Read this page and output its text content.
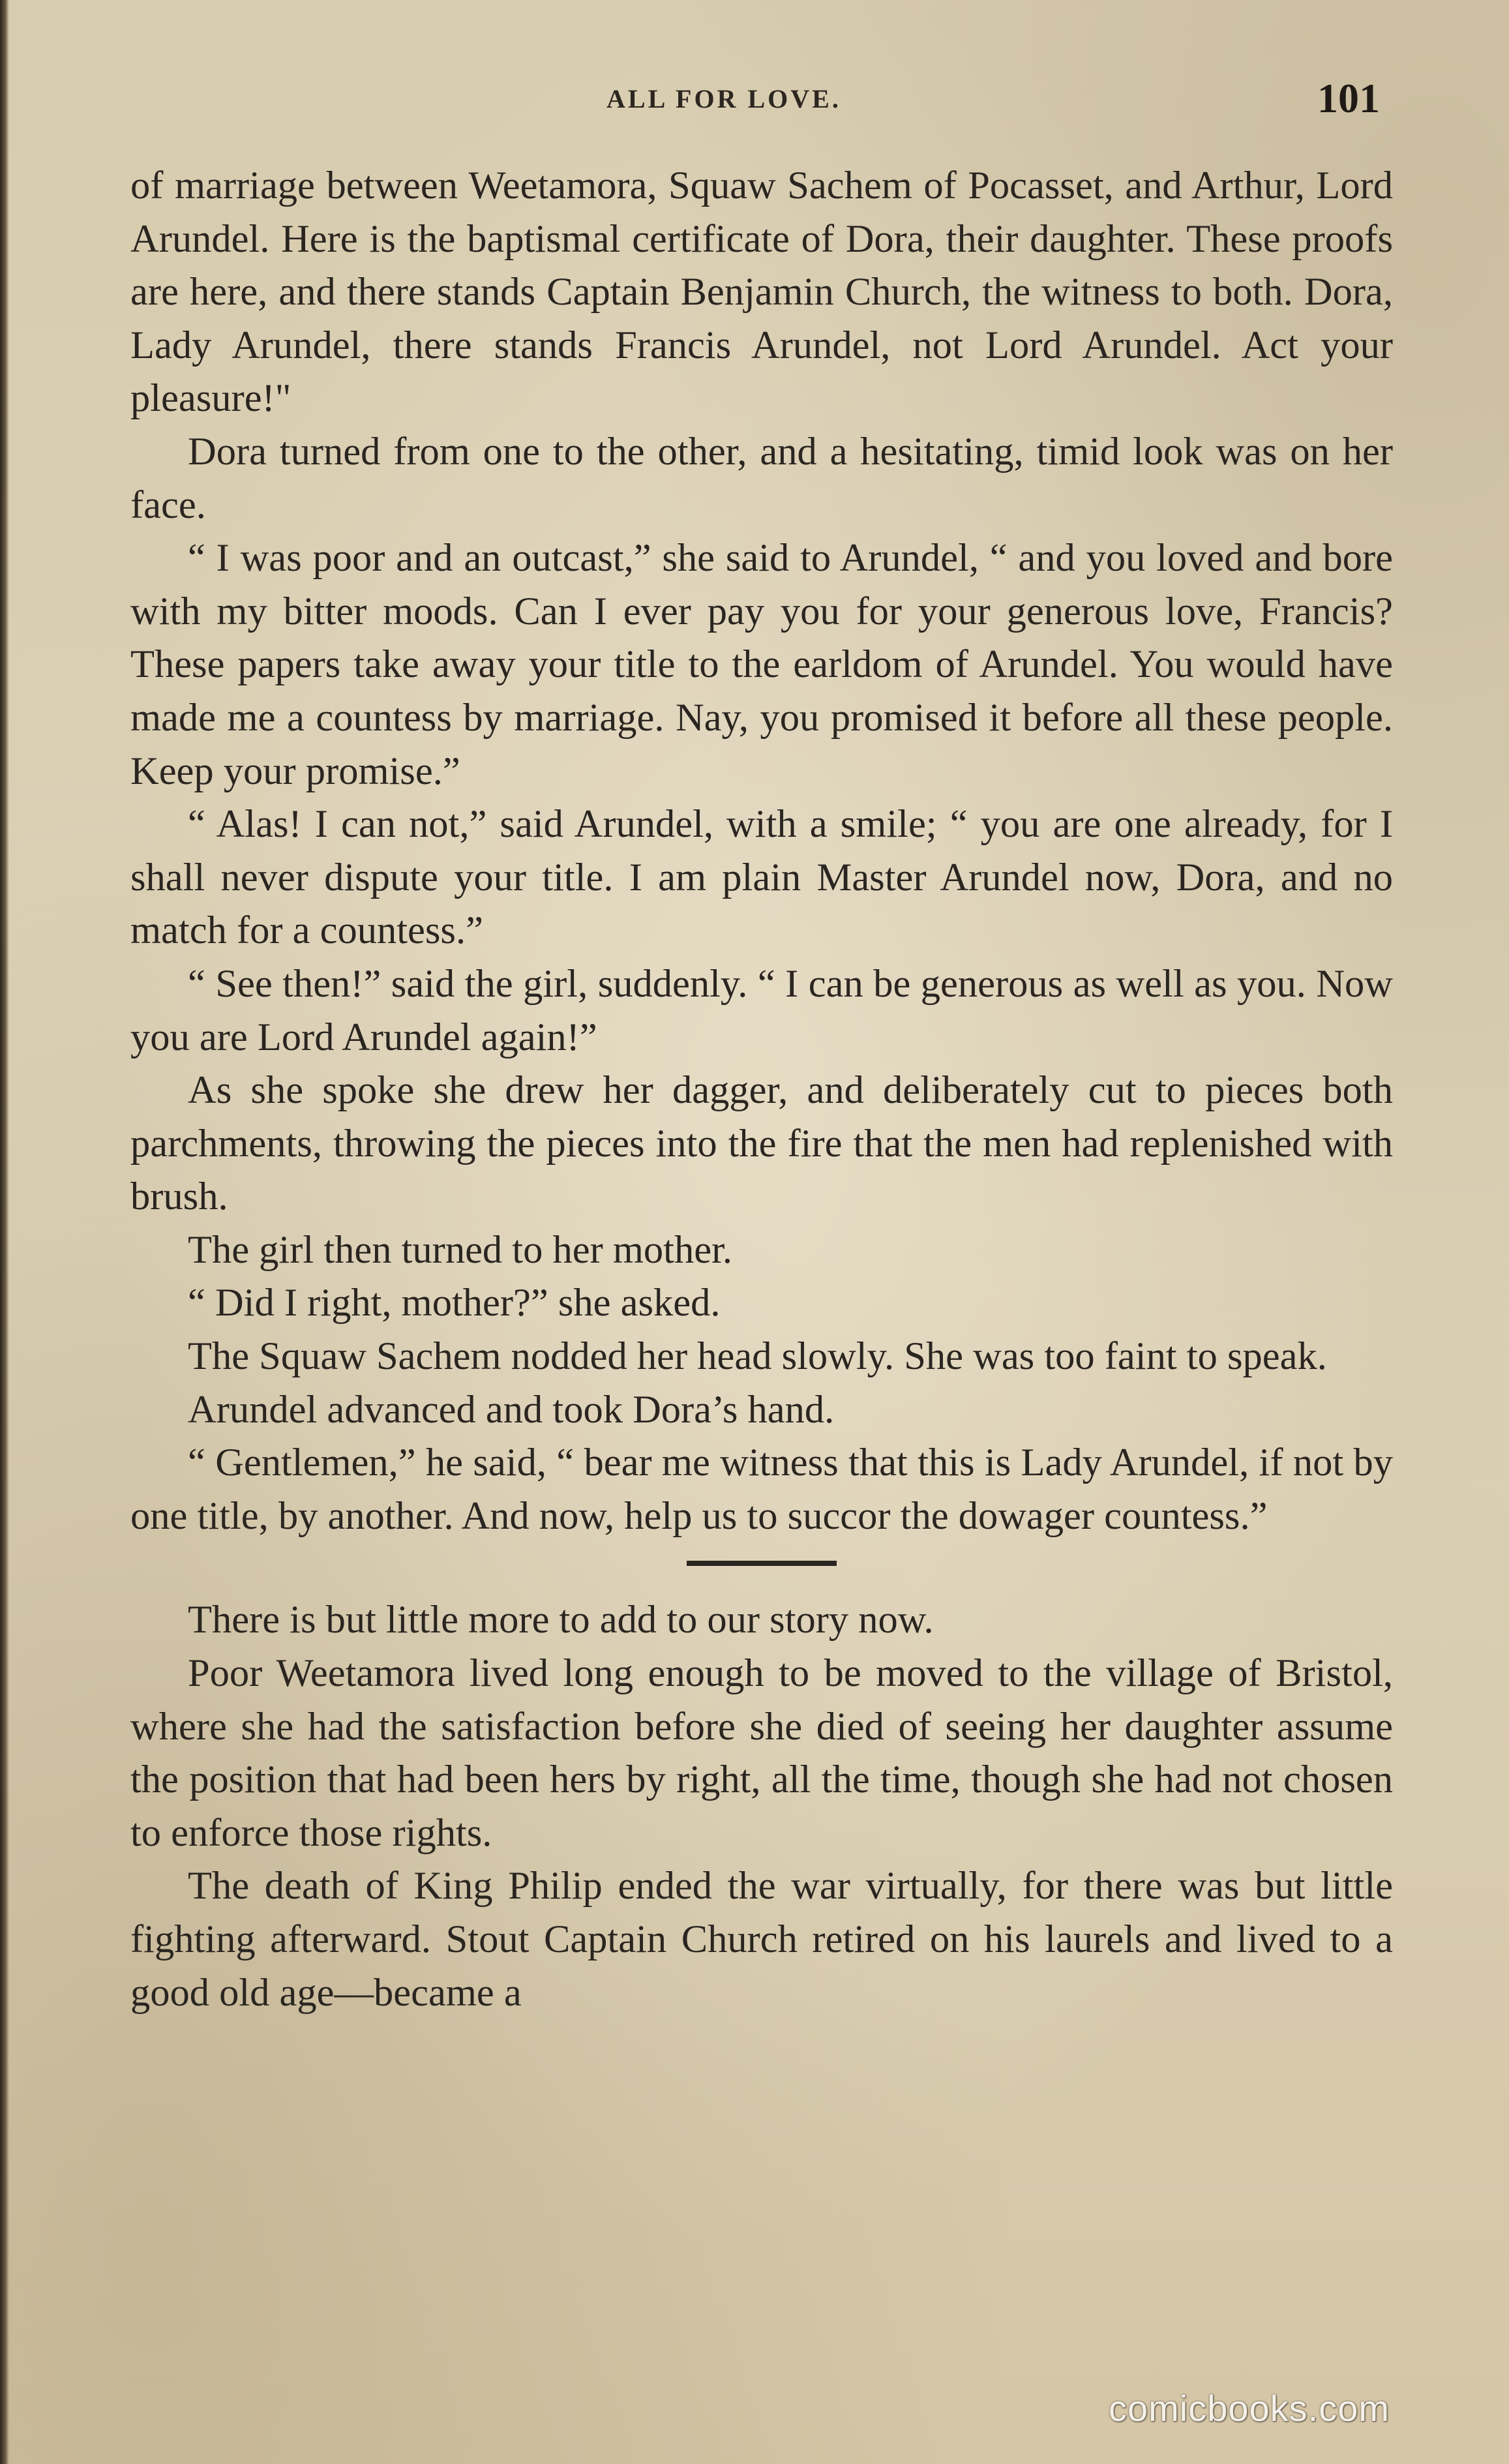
ALL FOR LOVE.	101

of marriage between Weetamora, Squaw Sachem of Pocasset, and Arthur, Lord Arundel. Here is the baptismal certificate of Dora, their daughter. These proofs are here, and there stands Captain Benjamin Church, the witness to both. Dora, Lady Arundel, there stands Francis Arundel, not Lord Arundel. Act your pleasure!"

Dora turned from one to the other, and a hesitating, timid look was on her face.

“ I was poor and an outcast,” she said to Arundel, “ and you loved and bore with my bitter moods. Can I ever pay you for your generous love, Francis? These papers take away your title to the earldom of Arundel. You would have made me a countess by marriage. Nay, you promised it before all these people. Keep your promise.”

“ Alas! I can not,” said Arundel, with a smile; “ you are one already, for I shall never dispute your title. I am plain Master Arundel now, Dora, and no match for a countess.”

“ See then!” said the girl, suddenly. “ I can be generous as well as you. Now you are Lord Arundel again!”

As she spoke she drew her dagger, and deliberately cut to pieces both parchments, throwing the pieces into the fire that the men had replenished with brush.

The girl then turned to her mother.

“ Did I right, mother?” she asked.

The Squaw Sachem nodded her head slowly. She was too faint to speak.

Arundel advanced and took Dora’s hand.

“ Gentlemen,” he said, “ bear me witness that this is Lady Arundel, if not by one title, by another. And now, help us to succor the dowager countess.”

There is but little more to add to our story now.

Poor Weetamora lived long enough to be moved to the village of Bristol, where she had the satisfaction before she died of seeing her daughter assume the position that had been hers by right, all the time, though she had not chosen to enforce those rights.

The death of King Philip ended the war virtually, for there was but little fighting afterward. Stout Captain Church retired on his laurels and lived to a good old age—became a

comicbooks.com
